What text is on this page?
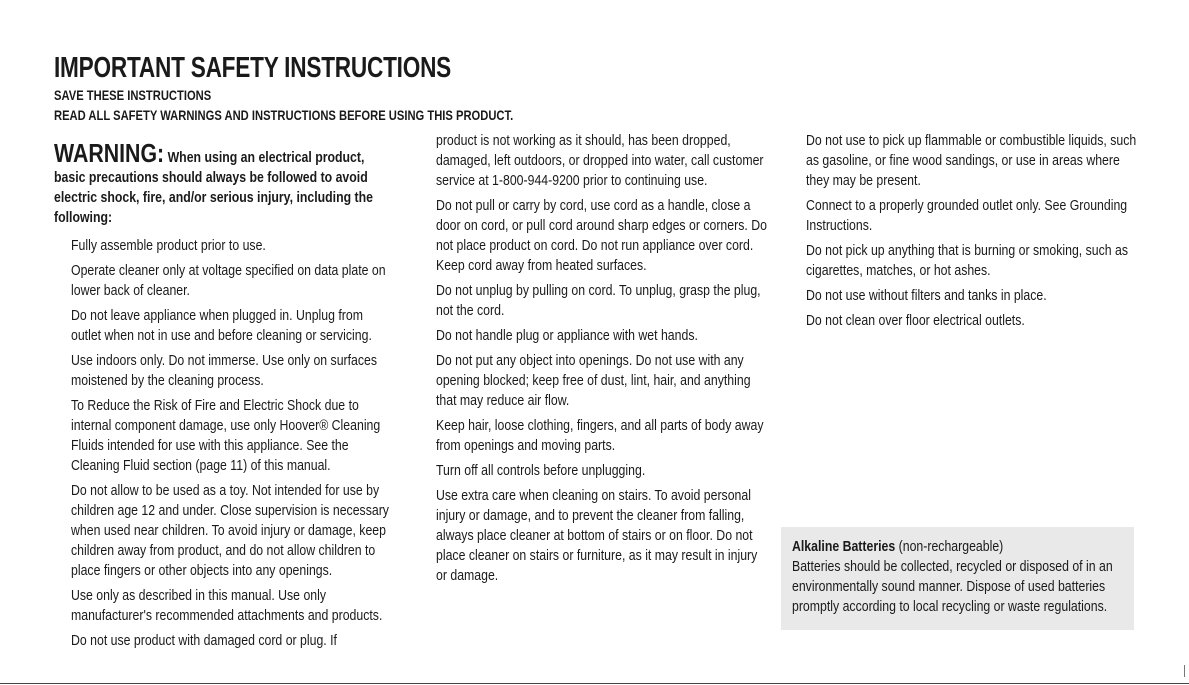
IMPORTANT SAFETY INSTRUCTIONS
SAVE THESE INSTRUCTIONS
READ ALL SAFETY WARNINGS AND INSTRUCTIONS BEFORE USING THIS PRODUCT.
WARNING: When using an electrical product, basic precautions should always be followed to avoid electric shock, fire, and/or serious injury, including the following:

Fully assemble product prior to use.

Operate cleaner only at voltage specified on data plate on lower back of cleaner.

Do not leave appliance when plugged in. Unplug from outlet when not in use and before cleaning or servicing.

Use indoors only. Do not immerse. Use only on surfaces moistened by the cleaning process.

To Reduce the Risk of Fire and Electric Shock due to internal component damage, use only Hoover® Cleaning Fluids intended for use with this appliance. See the Cleaning Fluid section (page 11) of this manual.

Do not allow to be used as a toy. Not intended for use by children age 12 and under. Close supervision is necessary when used near children. To avoid injury or damage, keep children away from product, and do not allow children to place fingers or other objects into any openings.

Use only as described in this manual. Use only manufacturer's recommended attachments and products.

Do not use product with damaged cord or plug. If

product is not working as it should, has been dropped, damaged, left outdoors, or dropped into water, call customer service at 1-800-944-9200 prior to continuing use.

Do not pull or carry by cord, use cord as a handle, close a door on cord, or pull cord around sharp edges or corners. Do not place product on cord. Do not run appliance over cord. Keep cord away from heated surfaces.

Do not unplug by pulling on cord. To unplug, grasp the plug, not the cord.

Do not handle plug or appliance with wet hands.

Do not put any object into openings. Do not use with any opening blocked; keep free of dust, lint, hair, and anything that may reduce air flow.

Keep hair, loose clothing, fingers, and all parts of body away from openings and moving parts.

Turn off all controls before unplugging.

Use extra care when cleaning on stairs. To avoid personal injury or damage, and to prevent the cleaner from falling, always place cleaner at bottom of stairs or on floor. Do not place cleaner on stairs or furniture, as it may result in injury or damage.

Do not use to pick up flammable or combustible liquids, such as gasoline, or fine wood sandings, or use in areas where they may be present.

Connect to a properly grounded outlet only. See Grounding Instructions.

Do not pick up anything that is burning or smoking, such as cigarettes, matches, or hot ashes.

Do not use without filters and tanks in place.

Do not clean over floor electrical outlets.

Alkaline Batteries (non-rechargeable)
Batteries should be collected, recycled or disposed of in an environmentally sound manner. Dispose of used batteries promptly according to local recycling or waste regulations.
